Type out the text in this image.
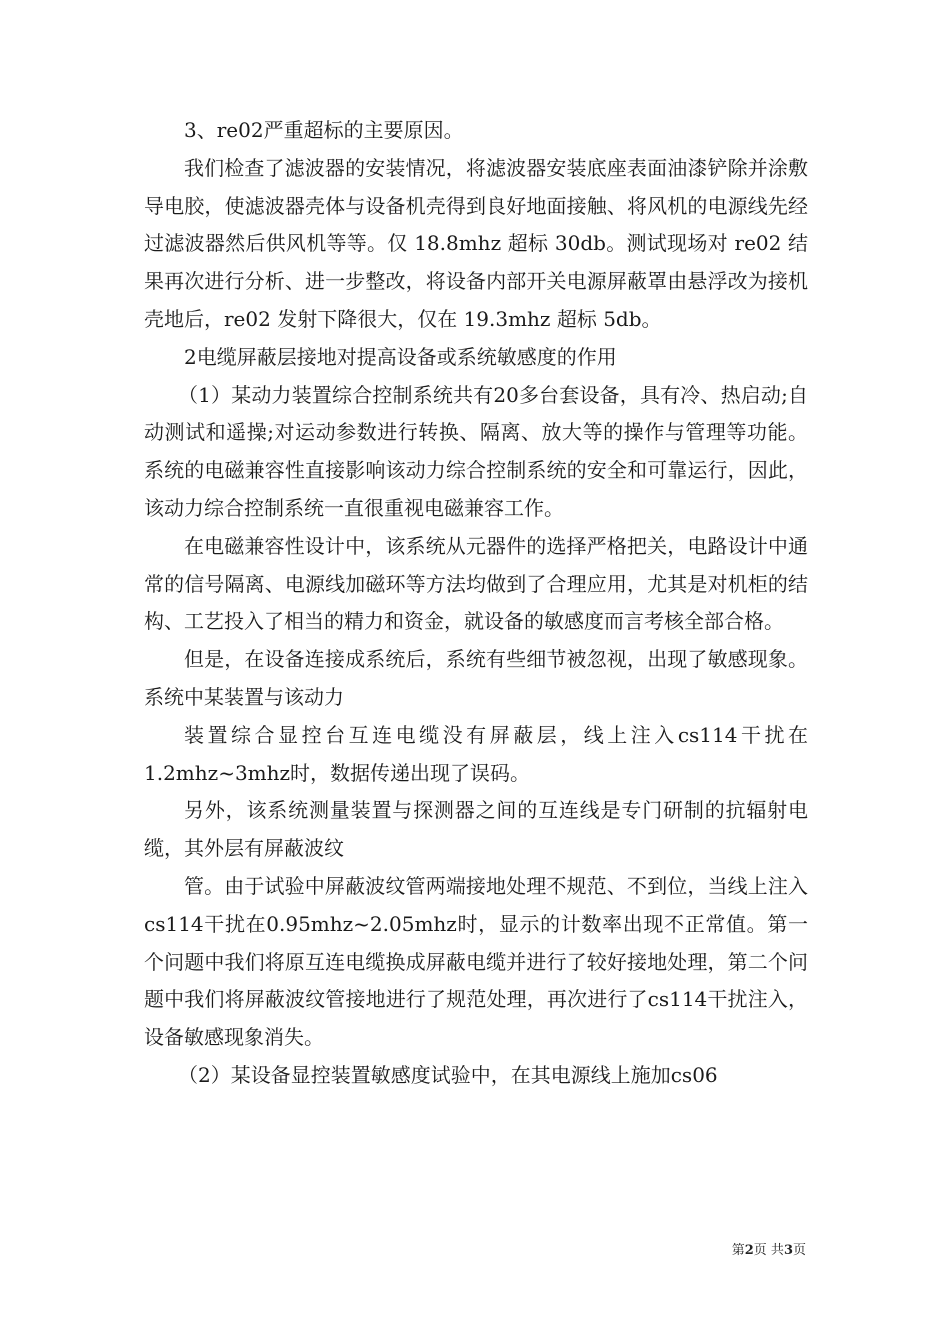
3、re02严重超标的主要原因。

我们检查了滤波器的安装情况，将滤波器安装底座表面油漆铲除并涂敷导电胶，使滤波器壳体与设备机壳得到良好地面接触、将风机的电源线先经过滤波器然后供风机等等。仅 18.8mhz 超标 30db。测试现场对 re02 结果再次进行分析、进一步整改，将设备内部开关电源屏蔽罩由悬浮改为接机壳地后，re02 发射下降很大，仅在 19.3mhz 超标 5db。

2电缆屏蔽层接地对提高设备或系统敏感度的作用

（1）某动力装置综合控制系统共有20多台套设备，具有冷、热启动;自动测试和遥操;对运动参数进行转换、隔离、放大等的操作与管理等功能。系统的电磁兼容性直接影响该动力综合控制系统的安全和可靠运行，因此，该动力综合控制系统一直很重视电磁兼容工作。

在电磁兼容性设计中，该系统从元器件的选择严格把关，电路设计中通常的信号隔离、电源线加磁环等方法均做到了合理应用，尤其是对机柜的结构、工艺投入了相当的精力和资金，就设备的敏感度而言考核全部合格。

但是，在设备连接成系统后，系统有些细节被忽视，出现了敏感现象。系统中某装置与该动力

装置综合显控台互连电缆没有屏蔽层，线上注入cs114干扰在1.2mhz~3mhz时，数据传递出现了误码。

另外，该系统测量装置与探测器之间的互连线是专门研制的抗辐射电缆，其外层有屏蔽波纹

管。由于试验中屏蔽波纹管两端接地处理不规范、不到位，当线上注入cs114干扰在0.95mhz~2.05mhz时，显示的计数率出现不正常值。第一个问题中我们将原互连电缆换成屏蔽电缆并进行了较好接地处理，第二个问题中我们将屏蔽波纹管接地进行了规范处理，再次进行了cs114干扰注入，设备敏感现象消失。

（2）某设备显控装置敏感度试验中，在其电源线上施加cs06

第2页 共3页
